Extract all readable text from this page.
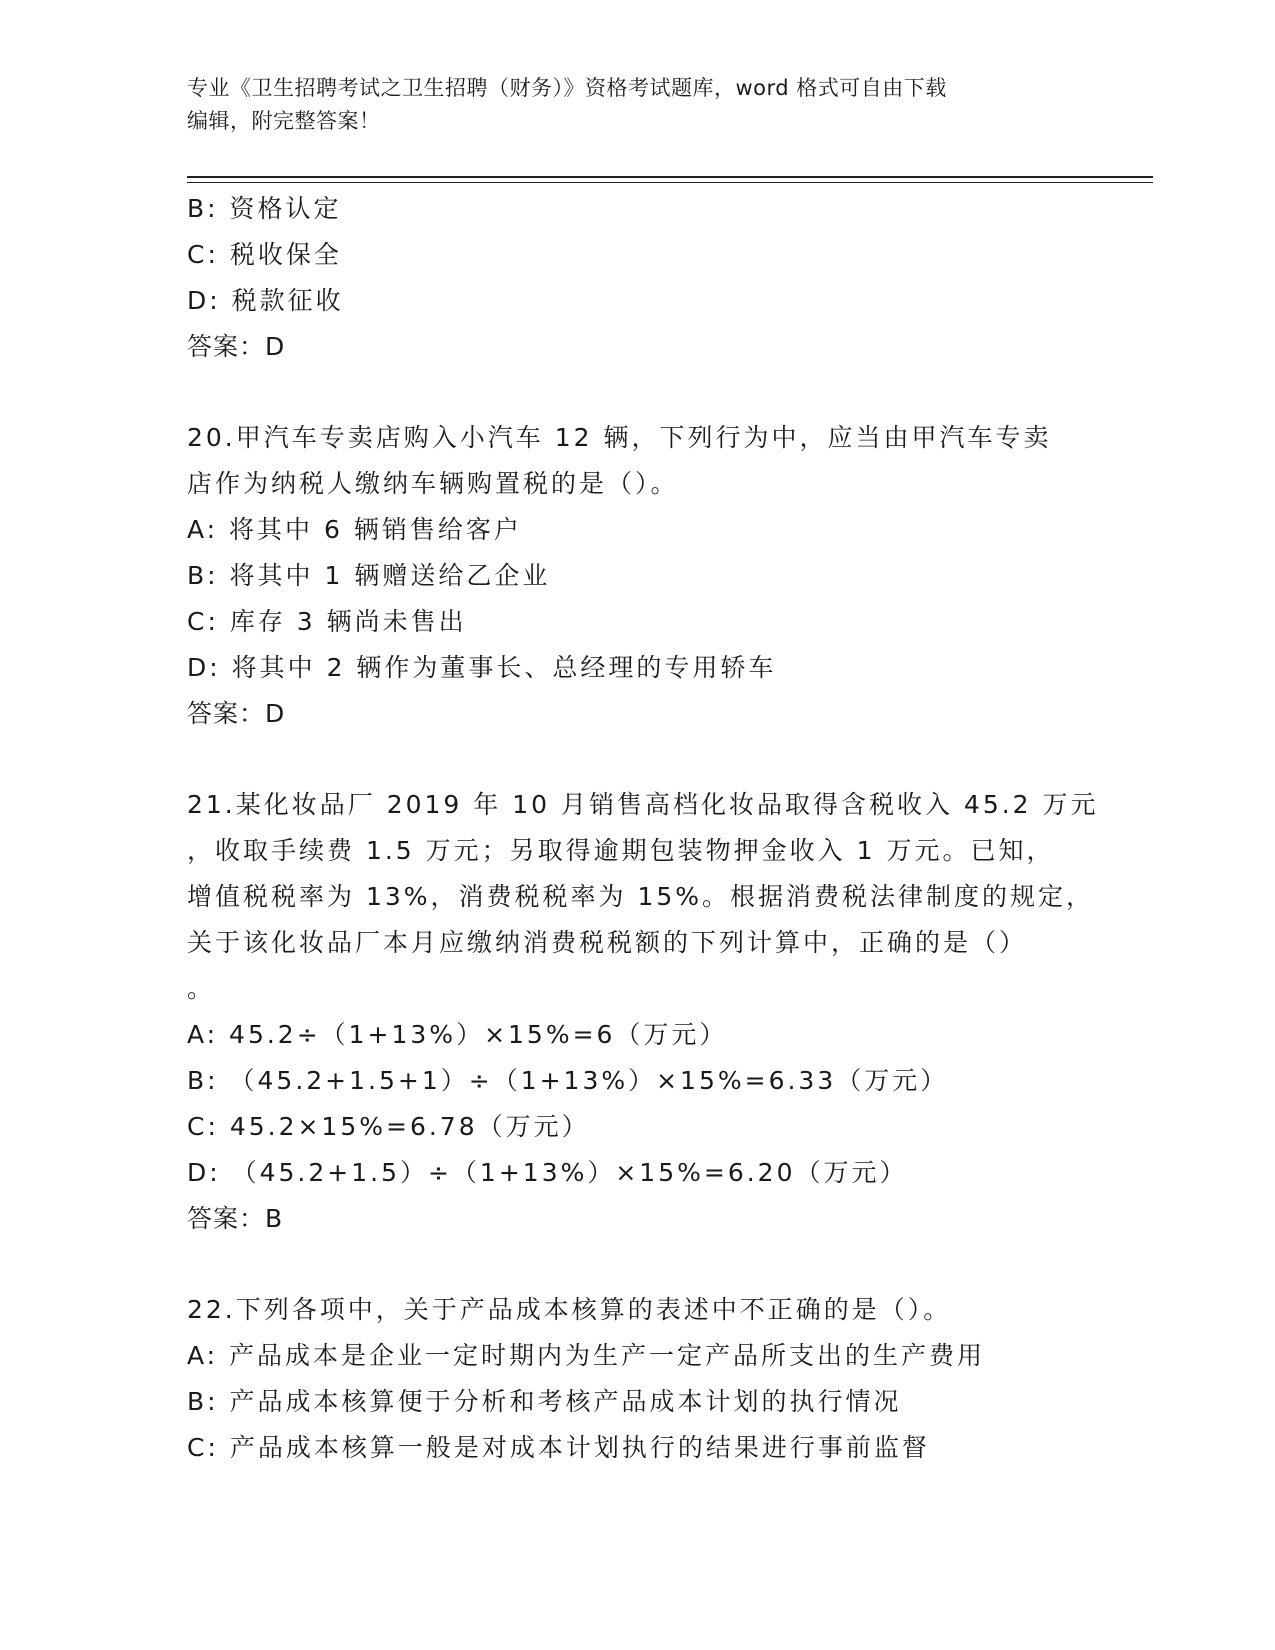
专业《卫生招聘考试之卫生招聘（财务）》资格考试题库，word 格式可自由下载
编辑，附完整答案！
B: 资格认定
C: 税收保全
D: 税款征收
答案：D
20.甲汽车专卖店购入小汽车 12 辆，下列行为中，应当由甲汽车专卖
店作为纳税人缴纳车辆购置税的是（）。
A: 将其中 6 辆销售给客户
B: 将其中 1 辆赠送给乙企业
C: 库存 3 辆尚未售出
D: 将其中 2 辆作为董事长、总经理的专用轿车
答案：D
21.某化妆品厂 2019 年 10 月销售高档化妆品取得含税收入 45.2 万元
，收取手续费 1.5 万元；另取得逾期包装物押金收入 1 万元。已知，
增值税税率为 13%，消费税税率为 15%。根据消费税法律制度的规定，
关于该化妆品厂本月应缴纳消费税税额的下列计算中，正确的是（）
。
A: 45.2÷（1+13%）×15%=6（万元）
B: （45.2+1.5+1）÷（1+13%）×15%=6.33（万元）
C: 45.2×15%=6.78（万元）
D: （45.2+1.5）÷（1+13%）×15%=6.20（万元）
答案：B
22.下列各项中，关于产品成本核算的表述中不正确的是（）。
A: 产品成本是企业一定时期内为生产一定产品所支出的生产费用
B: 产品成本核算便于分析和考核产品成本计划的执行情况
C: 产品成本核算一般是对成本计划执行的结果进行事前监督
